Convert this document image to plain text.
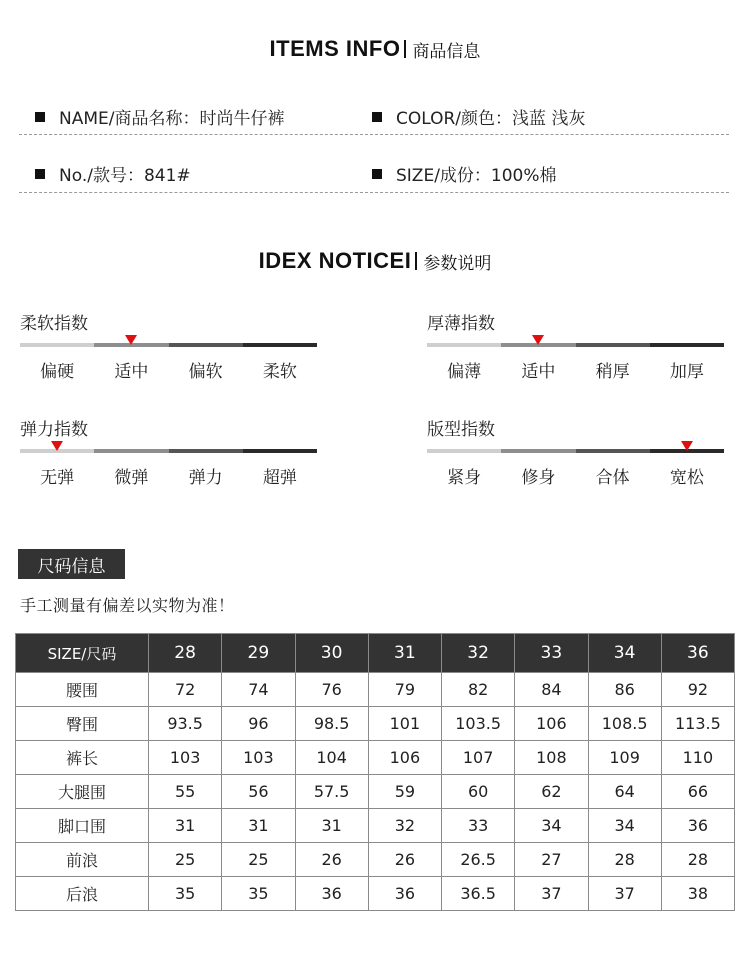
ITEMS INFO 商品信息
NAME/商品名称：时尚牛仔裤	COLOR/颜色：浅蓝 浅灰
No./款号：841#	SIZE/成份：100%棉
IDEX NOTICEI 参数说明
柔软指数
偏硬	适中	偏软	柔软
厚薄指数
偏薄	适中	稍厚	加厚
弹力指数
无弹	微弹	弹力	超弹
版型指数
紧身	修身	合体	宽松
尺码信息
手工测量有偏差以实物为准！
SIZE/尺码	28	29	30	31	32	33	34	36
腰围	72	74	76	79	82	84	86	92
臀围	93.5	96	98.5	101	103.5	106	108.5	113.5
裤长	103	103	104	106	107	108	109	110
大腿围	55	56	57.5	59	60	62	64	66
脚口围	31	31	31	32	33	34	34	36
前浪	25	25	26	26	26.5	27	28	28
后浪	35	35	36	36	36.5	37	37	38
